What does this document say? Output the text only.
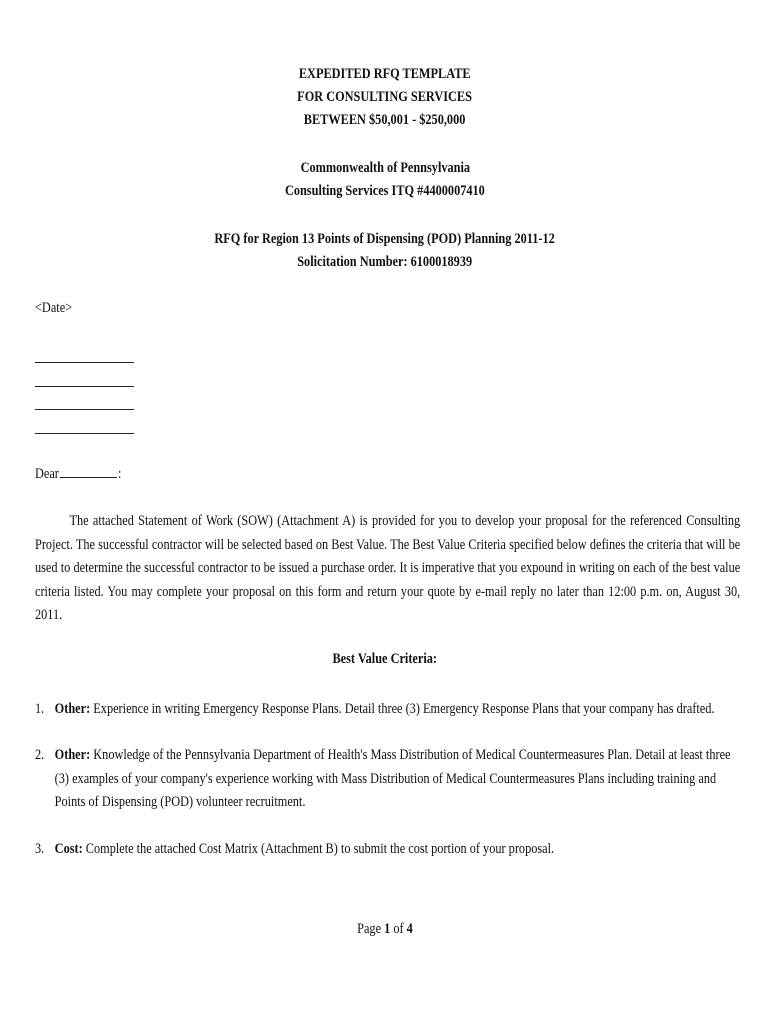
EXPEDITED RFQ TEMPLATE
FOR CONSULTING SERVICES
BETWEEN $50,001 - $250,000
Commonwealth of Pennsylvania
Consulting Services ITQ #4400007410
RFQ for Region 13 Points of Dispensing (POD) Planning 2011-12
Solicitation Number: 6100018939
<Date>
Dear	:
The attached Statement of Work (SOW) (Attachment A) is provided for you to develop your proposal for the referenced Consulting Project. The successful contractor will be selected based on Best Value. The Best Value Criteria specified below defines the criteria that will be used to determine the successful contractor to be issued a purchase order. It is imperative that you expound in writing on each of the best value criteria listed. You may complete your proposal on this form and return your quote by e-mail reply no later than 12:00 p.m. on, August 30, 2011.
Best Value Criteria:
1. Other: Experience in writing Emergency Response Plans. Detail three (3) Emergency Response Plans that your company has drafted.
2. Other: Knowledge of the Pennsylvania Department of Health's Mass Distribution of Medical Countermeasures Plan. Detail at least three (3) examples of your company's experience working with Mass Distribution of Medical Countermeasures Plans including training and Points of Dispensing (POD) volunteer recruitment.
3. Cost: Complete the attached Cost Matrix (Attachment B) to submit the cost portion of your proposal.
Page 1 of 4
